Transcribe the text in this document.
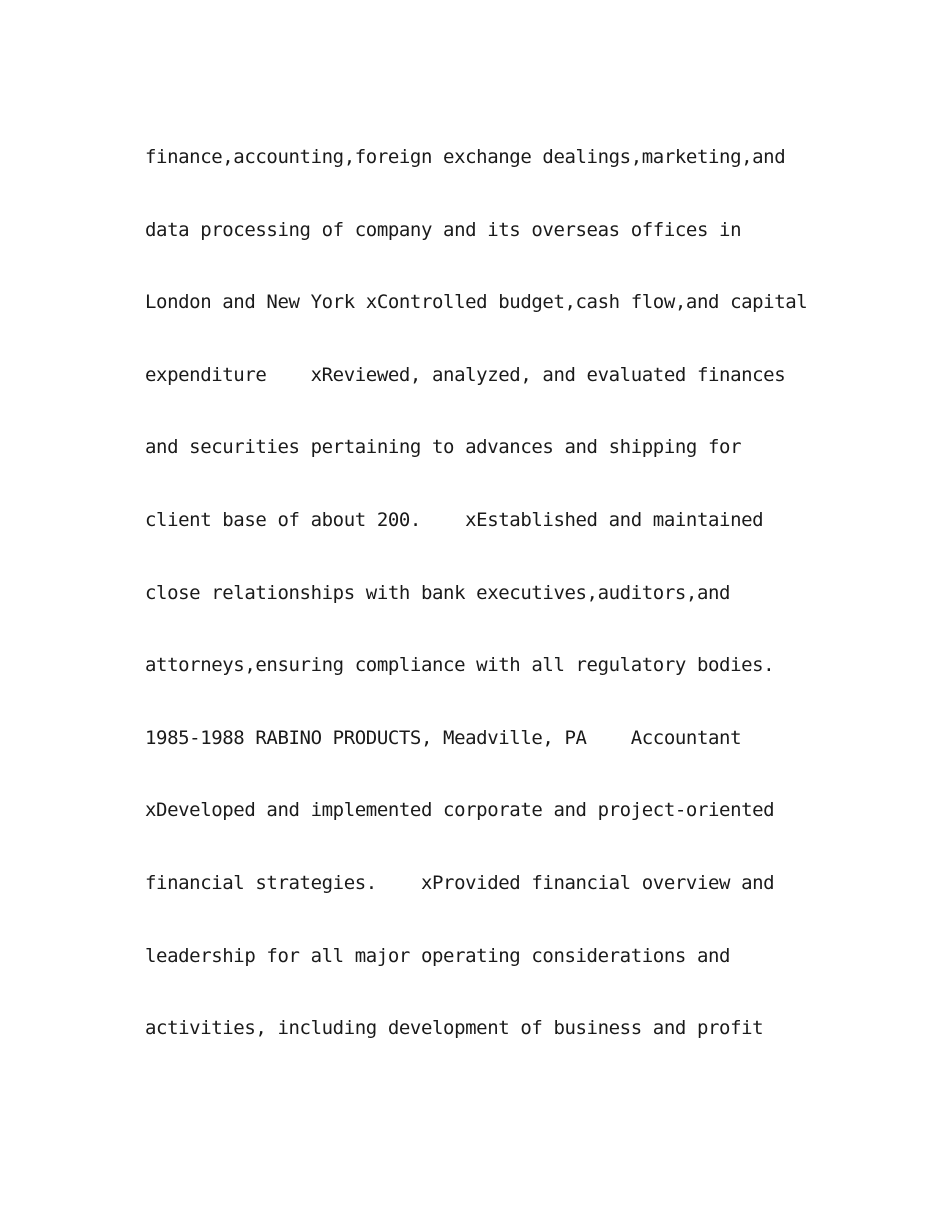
finance,accounting,foreign exchange dealings,marketing,and
data processing of company and its overseas offices in
London and New York xControlled budget,cash flow,and capital
expenditure    xReviewed, analyzed, and evaluated finances
and securities pertaining to advances and shipping for
client base of about 200.    xEstablished and maintained
close relationships with bank executives,auditors,and
attorneys,ensuring compliance with all regulatory bodies.
1985-1988 RABINO PRODUCTS, Meadville, PA    Accountant
xDeveloped and implemented corporate and project-oriented
financial strategies.    xProvided financial overview and
leadership for all major operating considerations and
activities, including development of business and profit
